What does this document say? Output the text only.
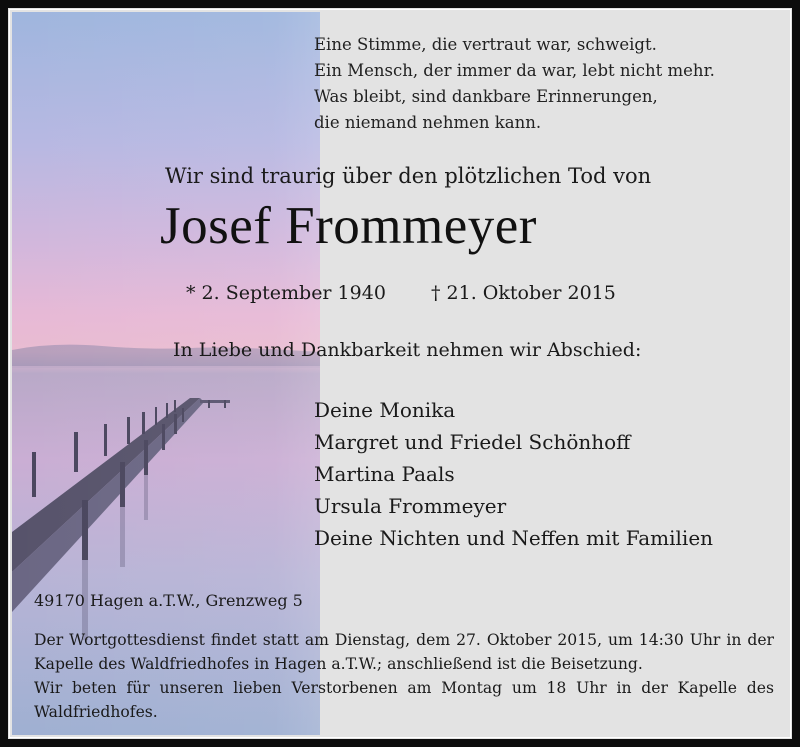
Eine Stimme, die vertraut war, schweigt.
Ein Mensch, der immer da war, lebt nicht mehr.
Was bleibt, sind dankbare Erinnerungen,
die niemand nehmen kann.
Wir sind traurig über den plötzlichen Tod von
Josef Frommeyer
* 2. September 1940 † 21. Oktober 2015
In Liebe und Dankbarkeit nehmen wir Abschied:
Deine Monika
Margret und Friedel Schönhoff
Martina Paals
Ursula Frommeyer
Deine Nichten und Neffen mit Familien
49170 Hagen a.T.W., Grenzweg 5
Der Wortgottesdienst findet statt am Dienstag, dem 27. Oktober 2015, um 14:30 Uhr in der
Kapelle des Waldfriedhofes in Hagen a.T.W.; anschließend ist die Beisetzung.
Wir beten für unseren lieben Verstorbenen am Montag um 18 Uhr in der Kapelle des
Waldfriedhofes.
